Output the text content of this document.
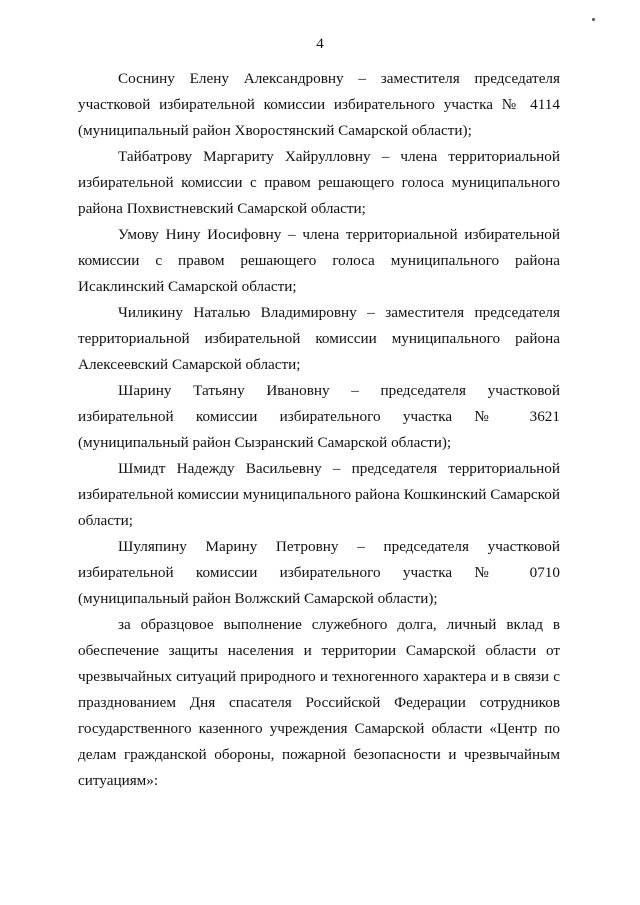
4

Соснину Елену Александровну – заместителя председателя участковой избирательной комиссии избирательного участка № 4114 (муниципальный район Хворостянский Самарской области);

Тайбатрову Маргариту Хайрулловну – члена территориальной избирательной комиссии с правом решающего голоса муниципального района Похвистневский Самарской области;

Умову Нину Иосифовну – члена территориальной избирательной комиссии с правом решающего голоса муниципального района Исаклинский Самарской области;

Чиликину Наталью Владимировну – заместителя председателя территориальной избирательной комиссии муниципального района Алексеевский Самарской области;

Шарину Татьяну Ивановну – председателя участковой избирательной комиссии избирательного участка № 3621 (муниципальный район Сызранский Самарской области);

Шмидт Надежду Васильевну – председателя территориальной избирательной комиссии муниципального района Кошкинский Самарской области;

Шуляпину Марину Петровну – председателя участковой избирательной комиссии избирательного участка № 0710 (муниципальный район Волжский Самарской области);

за образцовое выполнение служебного долга, личный вклад в обеспечение защиты населения и территории Самарской области от чрезвычайных ситуаций природного и техногенного характера и в связи с празднованием Дня спасателя Российской Федерации сотрудников государственного казенного учреждения Самарской области «Центр по делам гражданской обороны, пожарной безопасности и чрезвычайным ситуациям»:
